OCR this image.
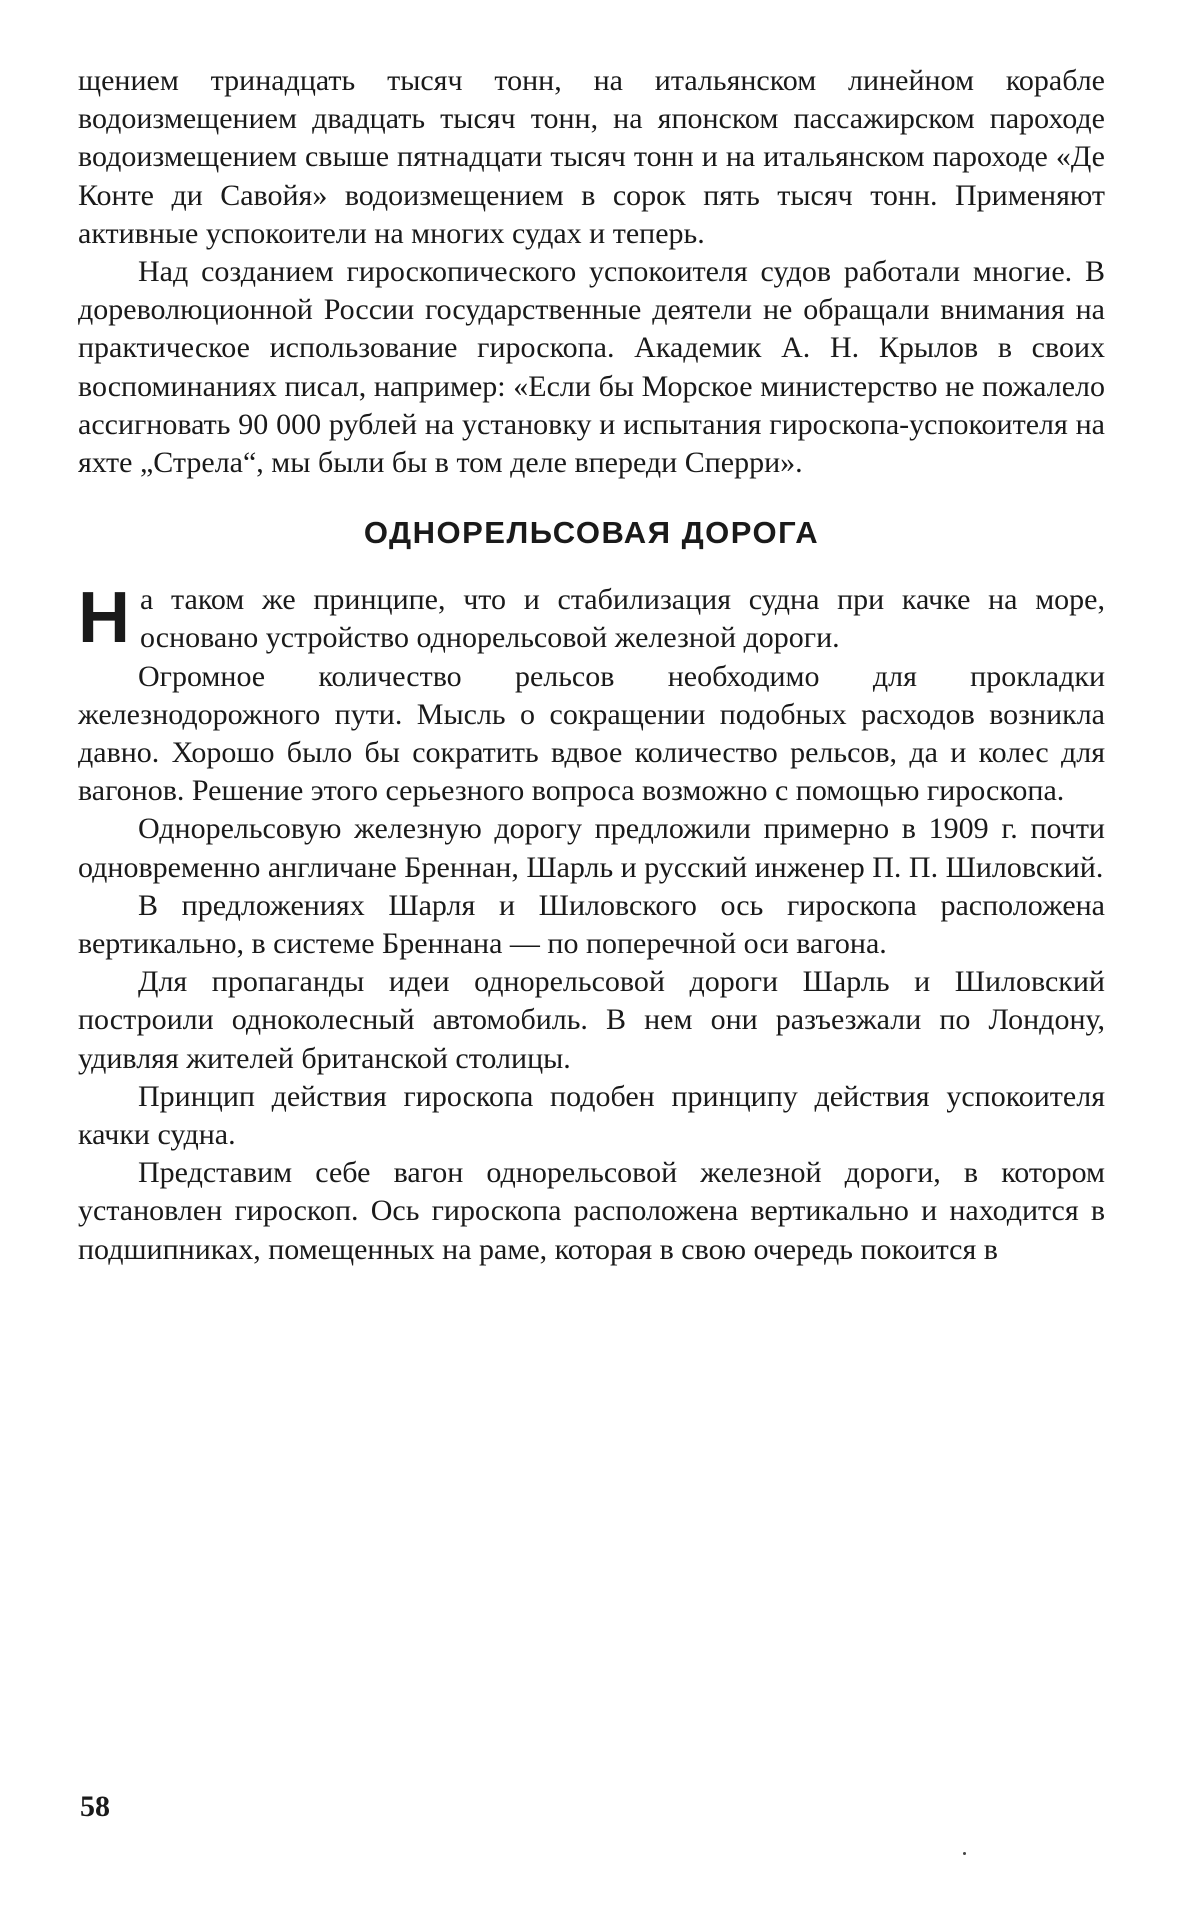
щением тринадцать тысяч тонн, на итальянском линейном корабле водоизмещением двадцать тысяч тонн, на японском пассажирском пароходе водоизмещением свыше пятнадцати тысяч тонн и на итальянском пароходе «Де Конте ди Савойя» водоизмещением в сорок пять тысяч тонн. Применяют активные успокоители на многих судах и теперь.

Над созданием гироскопического успокоителя судов работали многие. В дореволюционной России государственные деятели не обращали внимания на практическое использование гироскопа. Академик А. Н. Крылов в своих воспоминаниях писал, например: «Если бы Морское министерство не пожалело ассигновать 90 000 рублей на установку и испытания гироскопа-успокоителя на яхте „Стрела“, мы были бы в том деле впереди Сперри».

ОДНОРЕЛЬСОВАЯ ДОРОГА

На таком же принципе, что и стабилизация судна при качке на море, основано устройство однорельсовой железной дороги.

Огромное количество рельсов необходимо для прокладки железнодорожного пути. Мысль о сокращении подобных расходов возникла давно. Хорошо было бы сократить вдвое количество рельсов, да и колес для вагонов. Решение этого серьезного вопроса возможно с помощью гироскопа.

Однорельсовую железную дорогу предложили примерно в 1909 г. почти одновременно англичане Бреннан, Шарль и русский инженер П. П. Шиловский.

В предложениях Шарля и Шиловского ось гироскопа расположена вертикально, в системе Бреннана — по поперечной оси вагона.

Для пропаганды идеи однорельсовой дороги Шарль и Шиловский построили одноколесный автомобиль. В нем они разъезжали по Лондону, удивляя жителей британской столицы.

Принцип действия гироскопа подобен принципу действия успокоителя качки судна.

Представим себе вагон однорельсовой железной дороги, в котором установлен гироскоп. Ось гироскопа расположена вертикально и находится в подшипниках, помещенных на раме, которая в свою очередь покоится в

58
